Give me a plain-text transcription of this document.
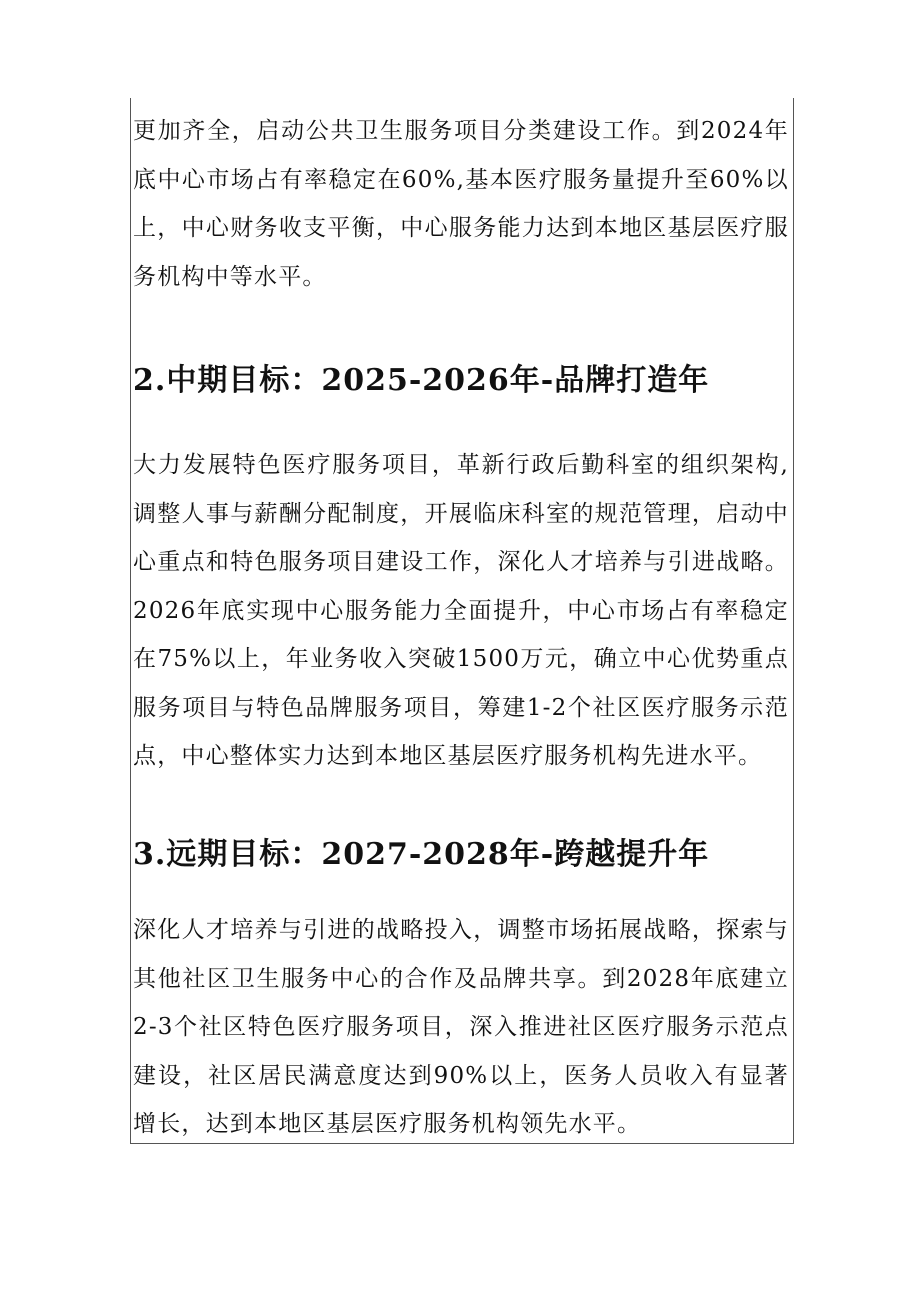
更加齐全，启动公共卫生服务项目分类建设工作。到2024年底中心市场占有率稳定在60%,基本医疗服务量提升至60%以上，中心财务收支平衡，中心服务能力达到本地区基层医疗服务机构中等水平。

2.中期目标：2025-2026年-品牌打造年

大力发展特色医疗服务项目，革新行政后勤科室的组织架构,调整人事与薪酬分配制度，开展临床科室的规范管理，启动中心重点和特色服务项目建设工作，深化人才培养与引进战略。2026年底实现中心服务能力全面提升，中心市场占有率稳定在75%以上，年业务收入突破1500万元，确立中心优势重点服务项目与特色品牌服务项目，筹建1-2个社区医疗服务示范点，中心整体实力达到本地区基层医疗服务机构先进水平。

3.远期目标：2027-2028年-跨越提升年

深化人才培养与引进的战略投入，调整市场拓展战略，探索与其他社区卫生服务中心的合作及品牌共享。到2028年底建立2-3个社区特色医疗服务项目，深入推进社区医疗服务示范点建设，社区居民满意度达到90%以上，医务人员收入有显著增长，达到本地区基层医疗服务机构领先水平。
